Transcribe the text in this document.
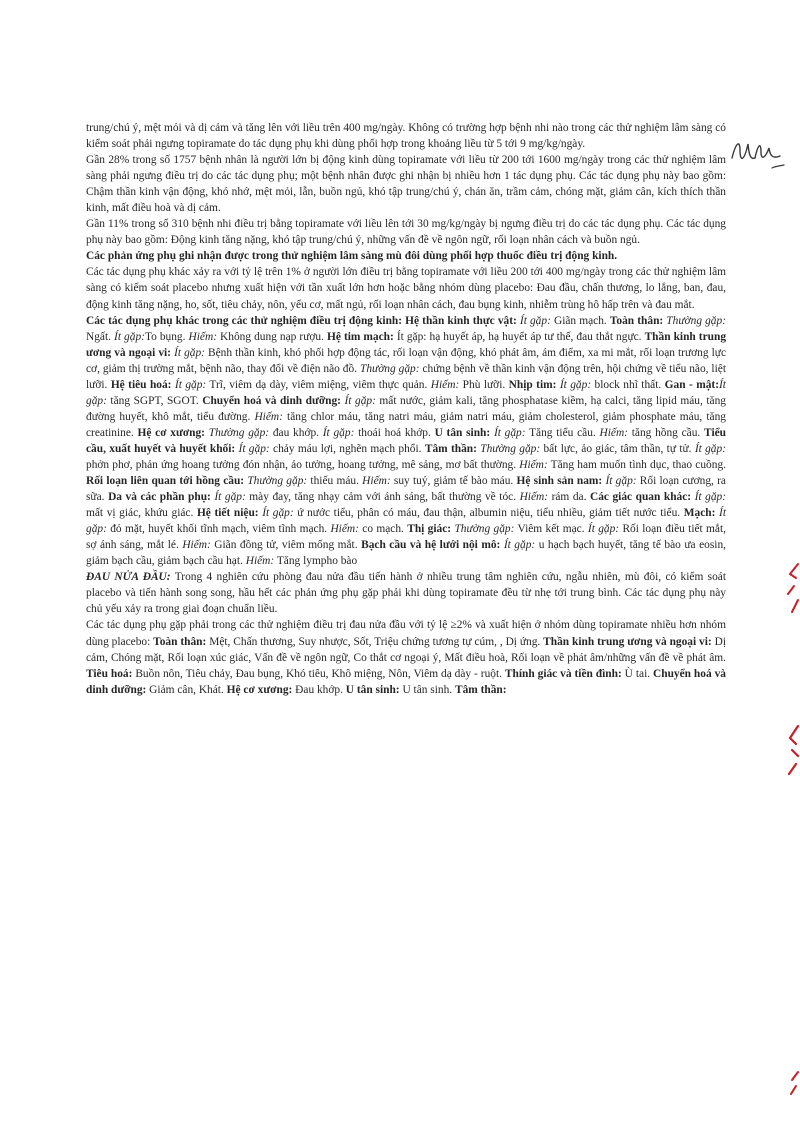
trung/chú ý, mệt mỏi và dị cảm và tăng lên với liều trên 400 mg/ngày. Không có trường hợp bệnh nhi nào trong các thử nghiệm lâm sàng có kiểm soát phải ngưng topiramate do tác dụng phụ khi dùng phối hợp trong khoảng liều từ 5 tới 9 mg/kg/ngày.

Gần 28% trong số 1757 bệnh nhân là người lớn bị động kinh dùng topiramate với liều từ 200 tới 1600 mg/ngày trong các thử nghiệm lâm sàng phải ngưng điều trị do các tác dụng phụ; một bệnh nhân được ghi nhận bị nhiều hơn 1 tác dụng phụ. Các tác dụng phụ này bao gồm: Chậm thần kinh vận động, khó nhớ, mệt mỏi, lẫn, buồn ngủ, khó tập trung/chú ý, chán ăn, trầm cảm, chóng mặt, giảm cân, kích thích thần kinh, mất điều hoà và dị cảm.

Gần 11% trong số 310 bệnh nhi điều trị bằng topiramate với liều lên tới 30 mg/kg/ngày bị ngưng điều trị do các tác dụng phụ. Các tác dụng phụ này bao gồm: Động kinh tăng nặng, khó tập trung/chú ý, những vấn đề về ngôn ngữ, rối loạn nhân cách và buồn ngủ.

Các phản ứng phụ ghi nhận được trong thử nghiệm lâm sàng mù đôi dùng phối hợp thuốc điều trị động kinh.

Các tác dụng phụ khác xảy ra với tỷ lệ trên 1% ở người lớn điều trị bằng topiramate với liều 200 tới 400 mg/ngày trong các thử nghiệm lâm sàng có kiểm soát placebo nhưng xuất hiện với tần xuất lớn hơn hoặc bằng nhóm dùng placebo: Đau đầu, chấn thương, lo lắng, ban, đau, động kinh tăng nặng, ho, sốt, tiêu chảy, nôn, yếu cơ, mất ngủ, rối loạn nhân cách, đau bụng kinh, nhiễm trùng hô hấp trên và đau mắt.

Các tác dụng phụ khác trong các thử nghiệm điều trị động kinh: Hệ thần kinh thực vật: Ít gặp: Giãn mạch. Toàn thân: Thường gặp: Ngất. Ít gặp:To bụng. Hiếm: Không dung nạp rượu. Hệ tim mạch: Ít gặp: hạ huyết áp, hạ huyết áp tư thế, đau thắt ngực. Thần kinh trung ương và ngoại vi: Ít gặp: Bệnh thần kinh, khó phối hợp động tác, rối loạn vận động, khó phát âm, ám điểm, xa mi mắt, rối loạn trương lực cơ, giảm thị trường mắt, bệnh não, thay đổi về điện não đồ. Thường gặp: chứng bệnh về thần kinh vận động trên, hội chứng về tiểu não, liệt lưỡi. Hệ tiêu hoá: Ít gặp: Trĩ, viêm dạ dày, viêm miệng, viêm thực quản. Hiếm: Phù lưỡi. Nhịp tim: Ít gặp: block nhĩ thất. Gan - mật:Ít gặp: tăng SGPT, SGOT. Chuyển hoá và dinh dưỡng: Ít gặp: mất nước, giảm kali, tăng phosphatase kiềm, hạ calci, tăng lipid máu, tăng đường huyết, khô mắt, tiểu đường. Hiếm: tăng chlor máu, tăng natri máu, giảm natri máu, giảm cholesterol, giảm phosphate máu, tăng creatinine. Hệ cơ xương: Thường gặp: đau khớp. Ít gặp: thoái hoá khớp. U tân sinh: Ít gặp: Tăng tiểu cầu. Hiếm: tăng hồng cầu. Tiểu cầu, xuất huyết và huyết khối: Ít gặp: chảy máu lợi, nghẽn mạch phổi. Tâm thần: Thường gặp: bất lực, ảo giác, tâm thần, tự tử. Ít gặp: phởn phơ, phản ứng hoang tưởng đón nhận, ảo tưởng, hoang tưởng, mê sảng, mơ bất thường. Hiếm: Tăng ham muốn tình dục, thao cuồng. Rối loạn liên quan tới hồng cầu: Thường gặp: thiếu máu. Hiếm: suy tuỷ, giảm tế bào máu. Hệ sinh sản nam: Ít gặp: Rối loạn cương, ra sữa. Da và các phần phụ: Ít gặp: mày đay, tăng nhạy cảm với ánh sáng, bất thường về tóc. Hiếm: rám da. Các giác quan khác: Ít gặp: mất vị giác, khứu giác. Hệ tiết niệu: Ít gặp: ứ nước tiểu, phân có máu, đau thận, albumin niệu, tiểu nhiều, giảm tiết nước tiểu. Mạch: Ít gặp: đỏ mặt, huyết khối tĩnh mạch, viêm tĩnh mạch. Hiếm: co mạch. Thị giác: Thường gặp: Viêm kết mạc. Ít gặp: Rối loạn điều tiết mắt, sợ ánh sáng, mắt lé. Hiếm: Giãn đồng tử, viêm mống mắt. Bạch cầu và hệ lưới nội mô: Ít gặp: u hạch bạch huyết, tăng tế bào ưa eosin, giảm bạch cầu, giảm bạch cầu hạt. Hiếm: Tăng lympho bào

ĐAU NỬA ĐẦU: Trong 4 nghiên cứu phòng đau nửa đầu tiến hành ở nhiều trung tâm nghiên cứu, ngẫu nhiên, mù đôi, có kiểm soát placebo và tiến hành song song, hầu hết các phản ứng phụ gặp phải khi dùng topiramate đều từ nhẹ tới trung bình. Các tác dụng phụ này chủ yếu xảy ra trong giai đoạn chuẩn liều.

Các tác dụng phụ gặp phải trong các thử nghiệm điều trị đau nửa đầu với tỷ lệ ≥2% và xuất hiện ở nhóm dùng topiramate nhiều hơn nhóm dùng placebo: Toàn thân: Mệt, Chấn thương, Suy nhược, Sốt, Triệu chứng tương tự cúm, , Dị ứng. Thần kinh trung ương và ngoại vi: Dị cảm, Chóng mặt, Rối loạn xúc giác, Vấn đề về ngôn ngữ, Co thắt cơ ngoại ý, Mất điều hoà, Rối loạn về phát âm/những vấn đề về phát âm. Tiêu hoá: Buồn nôn, Tiêu chảy, Đau bụng, Khó tiêu, Khô miệng, Nôn, Viêm dạ dày - ruột. Thính giác và tiền đình: Ù tai. Chuyển hoá và dinh dưỡng: Giảm cân, Khát. Hệ cơ xương: Đau khớp. U tân sinh: U tân sinh. Tâm thần:
